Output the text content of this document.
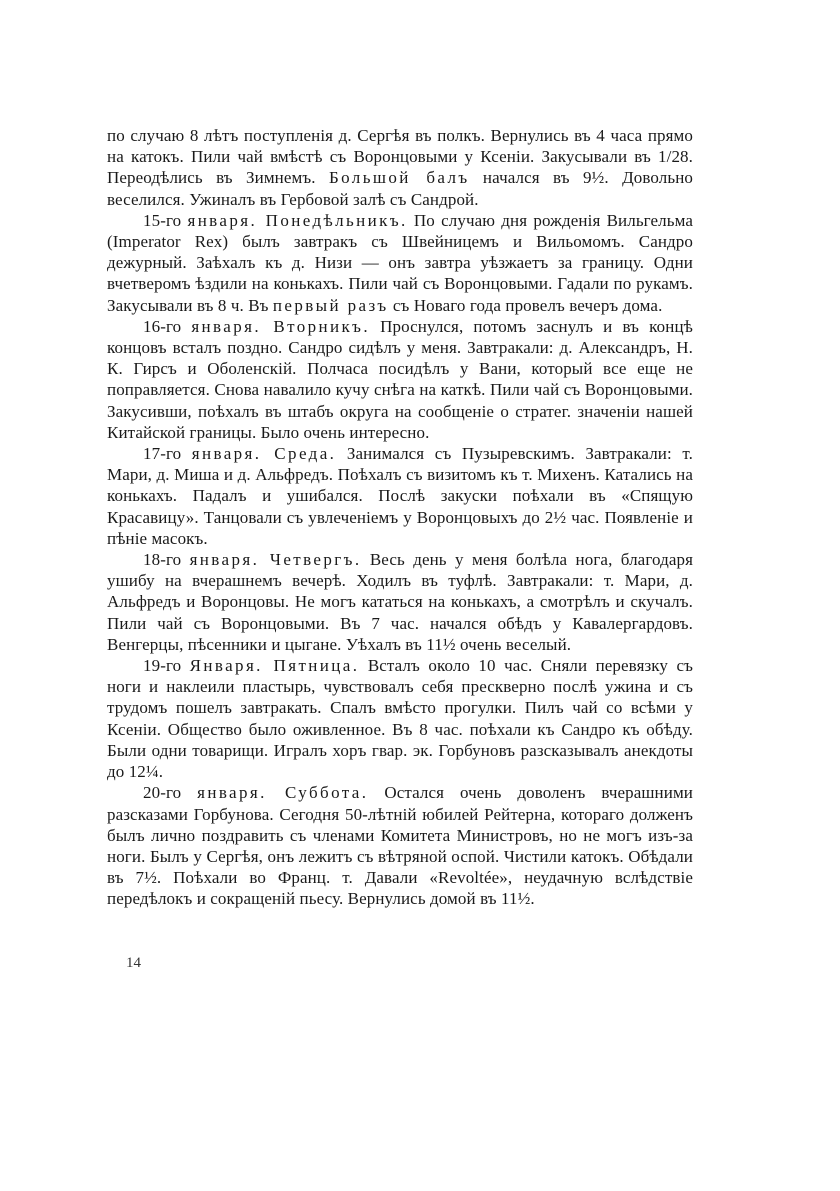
по случаю 8 лѣтъ поступленія д. Сергѣя въ полкъ. Вернулись въ 4 часа прямо на катокъ. Пили чай вмѣстѣ съ Воронцовыми у Ксеніи. Закусывали въ 1/28. Переодѣлись въ Зимнемъ. Большой балъ начался въ 9½. Довольно веселился. Ужиналъ въ Гербовой залѣ съ Сандрой.

15-го января. Понедѣльникъ. По случаю дня рожденія Вильгельма (Imperator Rex) былъ завтракъ съ Швейницемъ и Вильомомъ. Сандро дежурный. Заѣхалъ къ д. Низи — онъ завтра уѣзжаетъ за границу. Одни вчетверомъ ѣздили на конькахъ. Пили чай съ Воронцовыми. Гадали по рукамъ. Закусывали въ 8 ч. Въ первый разъ съ Новаго года провелъ вечеръ дома.

16-го января. Вторникъ. Проснулся, потомъ заснулъ и въ концѣ концовъ всталъ поздно. Сандро сидѣлъ у меня. Завтракали: д. Александръ, Н. К. Гирсъ и Оболенскій. Полчаса посидѣлъ у Вани, который все еще не поправляется. Снова навалило кучу снѣга на каткѣ. Пили чай съ Воронцовыми. Закусивши, поѣхалъ въ штабъ округа на сообщеніе о стратег. значеніи нашей Китайской границы. Было очень интересно.

17-го января. Среда. Занимался съ Пузыревскимъ. Завтракали: т. Мари, д. Миша и д. Альфредъ. Поѣхалъ съ визитомъ къ т. Михенъ. Катались на конькахъ. Падалъ и ушибался. Послѣ закуски поѣхали въ «Спящую Красавицу». Танцовали съ увлеченіемъ у Воронцовыхъ до 2½ час. Появленіе и пѣніе масокъ.

18-го января. Четвергъ. Весь день у меня болѣла нога, благодаря ушибу на вчерашнемъ вечерѣ. Ходилъ въ туфлѣ. Завтракали: т. Мари, д. Альфредъ и Воронцовы. Не могъ кататься на конькахъ, а смотрѣлъ и скучалъ. Пили чай съ Воронцовыми. Въ 7 час. начался обѣдъ у Кавалергардовъ. Венгерцы, пѣсенники и цыгане. Уѣхалъ въ 11½ очень веселый.

19-го Января. Пятница. Всталъ около 10 час. Сняли перевязку съ ноги и наклеили пластырь, чувствовалъ себя прескверно послѣ ужина и съ трудомъ пошелъ завтракать. Спалъ вмѣсто прогулки. Пилъ чай со всѣми у Ксеніи. Общество было оживленное. Въ 8 час. поѣхали къ Сандро къ обѣду. Были одни товарищи. Игралъ хоръ гвар. эк. Горбуновъ разсказывалъ анекдоты до 12¼.

20-го января. Суббота. Остался очень доволенъ вчерашними разсказами Горбунова. Сегодня 50-лѣтній юбилей Рейтерна, котораго долженъ былъ лично поздравить съ членами Комитета Министровъ, но не могъ изъ-за ноги. Былъ у Сергѣя, онъ лежитъ съ вѣтряной оспой. Чистили катокъ. Обѣдали въ 7½. Поѣхали во Франц. т. Давали «Revoltée», неудачную вслѣдствіе передѣлокъ и сокращеній пьесу. Вернулись домой въ 11½.

14
